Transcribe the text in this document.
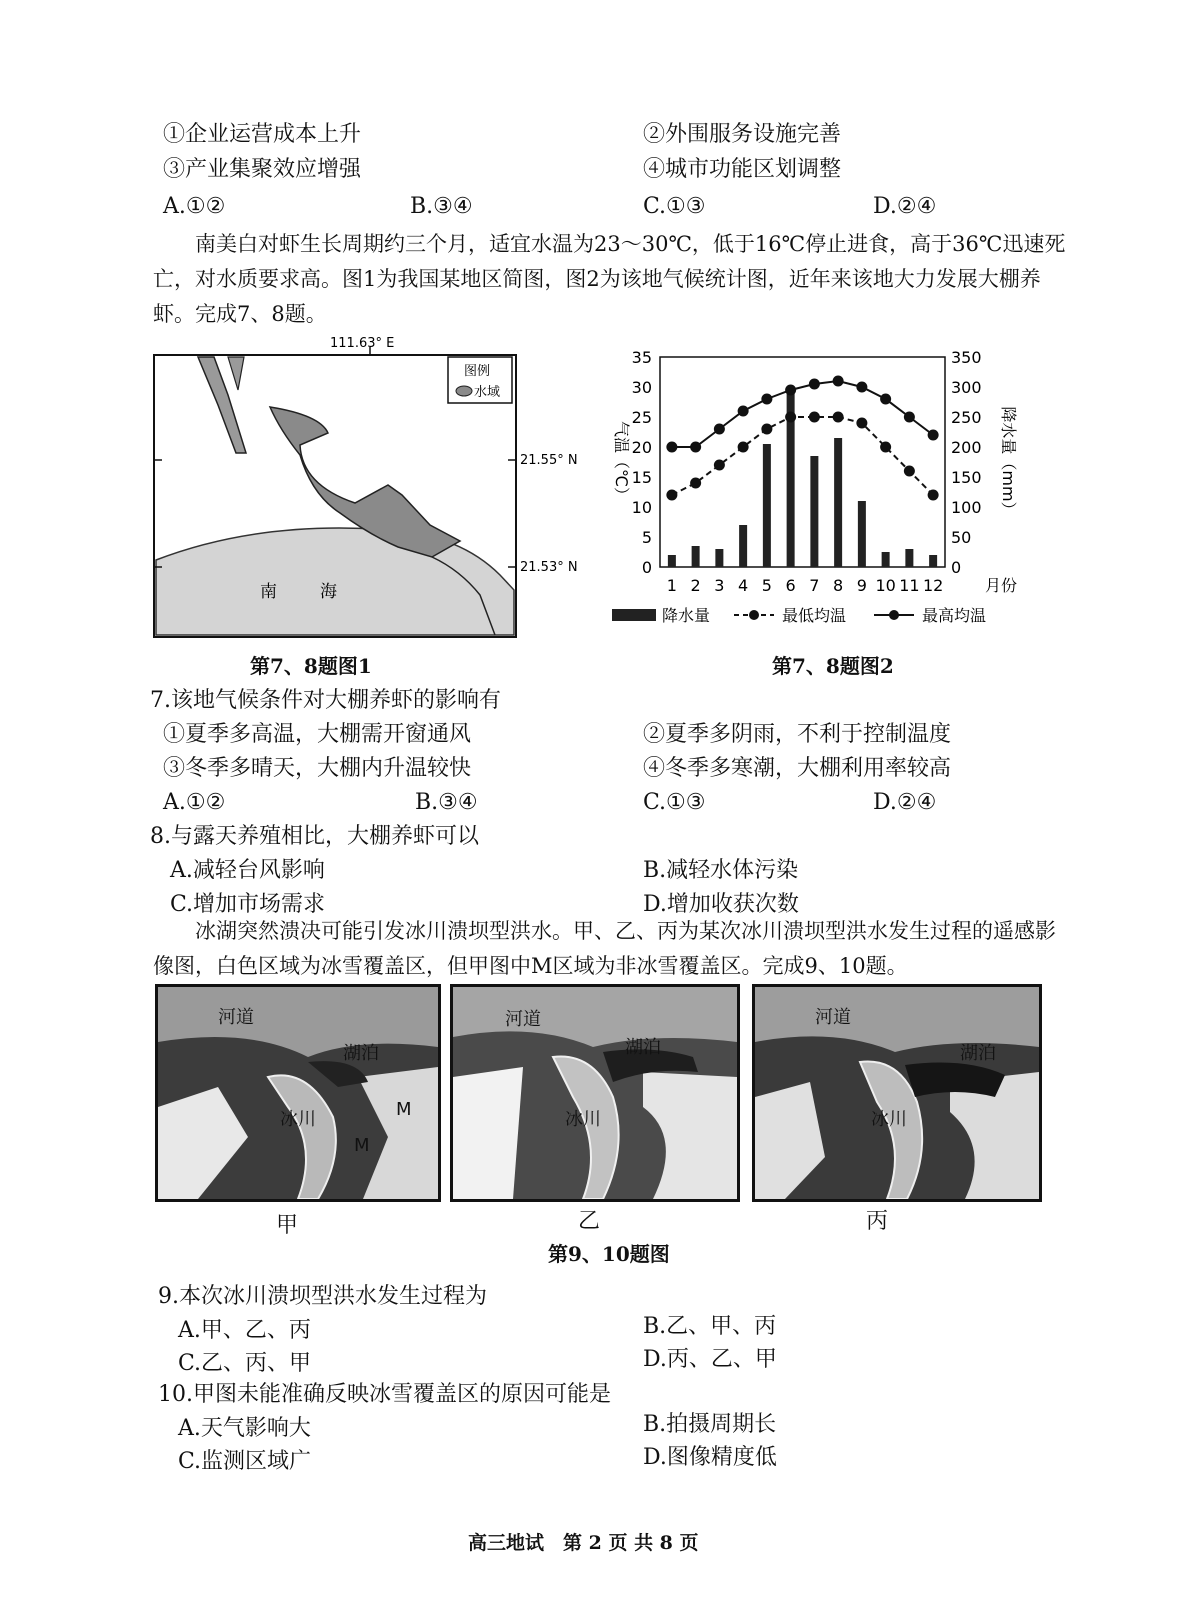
①企业运营成本上升	②外围服务设施完善
③产业集聚效应增强	④城市功能区划调整
A.①②	B.③④	C.①③	D.②④

南美白对虾生长周期约三个月，适宜水温为23～30℃，低于16℃停止进食，高于36℃迅速死亡，对水质要求高。图1为我国某地区简图，图2为该地气候统计图，近年来该地大力发展大棚养虾。完成7、8题。

111.63° E
21.55° N
21.53° N
图例
水域
南	海
第7、8题图1
0
5
10
15
20
25
30
35
0
50
100
150
200
250
300
350
1 2 3 4 5 6 7 8 9 10 11 12	月份
气温（℃）	降水量（mm）
降水量	最低均温	最高均温
第7、8题图2
7.该地气候条件对大棚养虾的影响有
①夏季多高温，大棚需开窗通风	②夏季多阴雨，不利于控制温度
③冬季多晴天，大棚内升温较快	④冬季多寒潮，大棚利用率较高
A.①②	B.③④	C.①③	D.②④
8.与露天养殖相比，大棚养虾可以
A.减轻台风影响	B.减轻水体污染
C.增加市场需求	D.增加收获次数

冰湖突然溃决可能引发冰川溃坝型洪水。甲、乙、丙为某次冰川溃坝型洪水发生过程的遥感影像图，白色区域为冰雪覆盖区，但甲图中M区域为非冰雪覆盖区。完成9、10题。

河道
湖泊
冰川	M
M
河道
湖泊
冰川
河道
湖泊
冰川
甲	乙	丙
第9、10题图
9.本次冰川溃坝型洪水发生过程为
A.甲、乙、丙	B.乙、甲、丙
C.乙、丙、甲	D.丙、乙、甲
10.甲图未能准确反映冰雪覆盖区的原因可能是
A.天气影响大	B.拍摄周期长
C.监测区域广	D.图像精度低
高三地试　第 2 页 共 8 页
